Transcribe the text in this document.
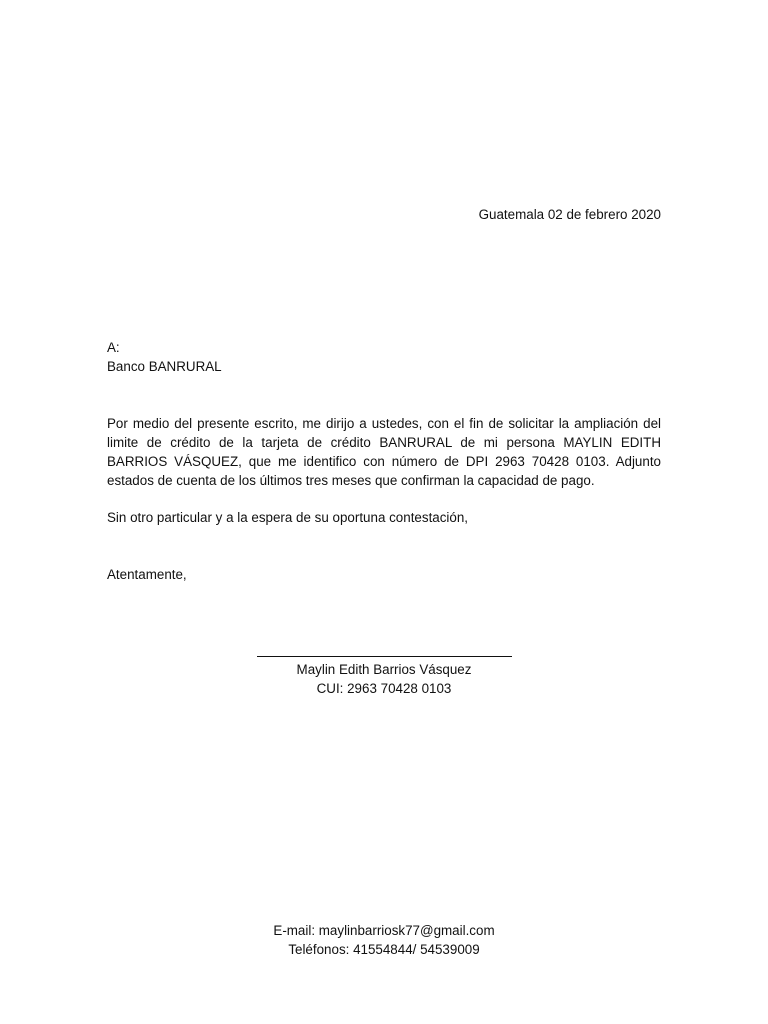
Guatemala 02 de febrero 2020
A:
Banco BANRURAL
Por medio del presente escrito, me dirijo a ustedes, con el fin de solicitar la ampliación del limite de crédito de la tarjeta de crédito BANRURAL de mi persona MAYLIN EDITH BARRIOS VÁSQUEZ, que me identifico con número de DPI 2963 70428 0103. Adjunto estados de cuenta de los últimos tres meses que confirman la capacidad de pago.
Sin otro particular y a la espera de su oportuna contestación,
Atentamente,
Maylin Edith Barrios Vásquez
CUI: 2963 70428 0103
E-mail: maylinbarriosk77@gmail.com
Teléfonos: 41554844/ 54539009
